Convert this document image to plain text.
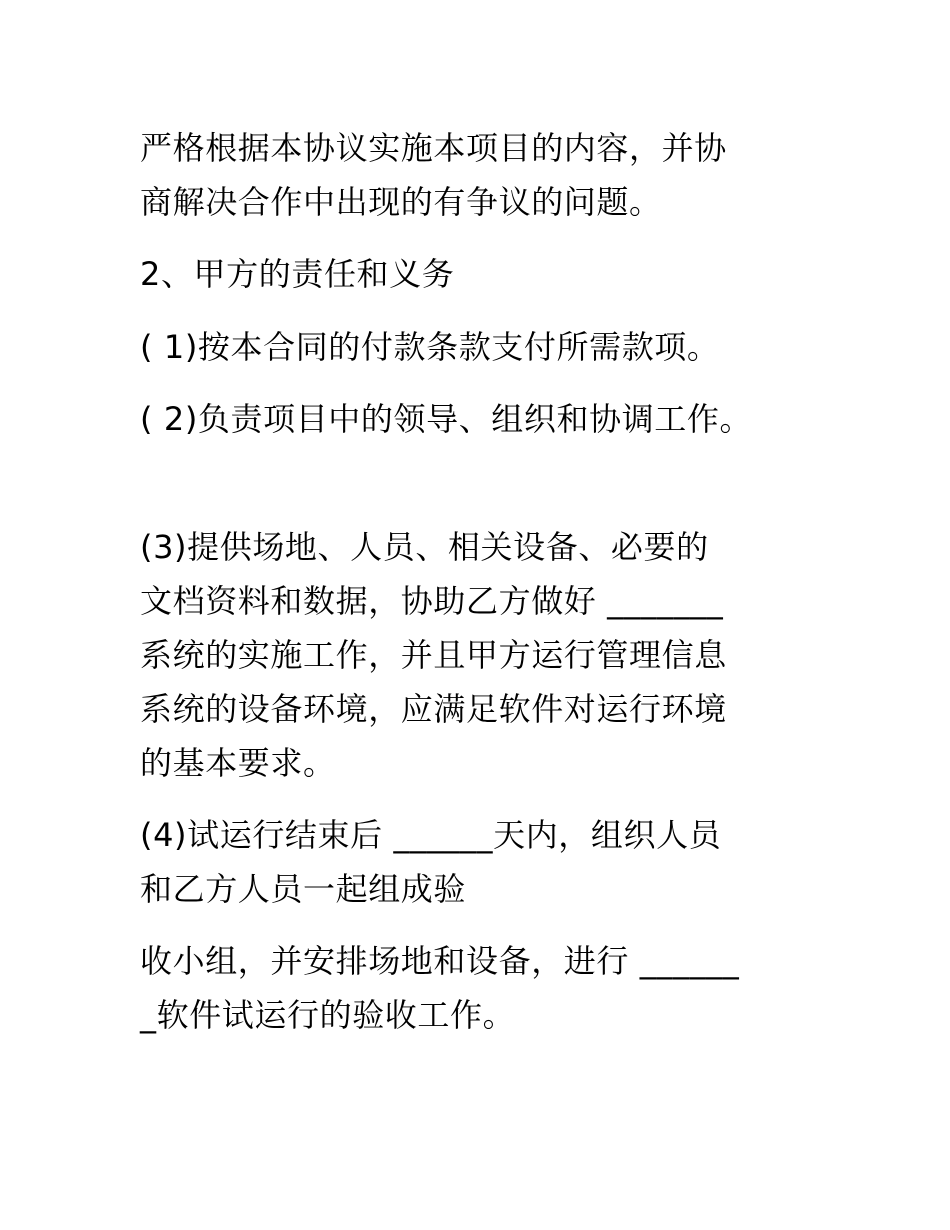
严格根据本协议实施本项目的内容，并协
商解决合作中出现的有争议的问题。
2、甲方的责任和义务
( 1)按本合同的付款条款支付所需款项。
( 2)负责项目中的领导、组织和协调工作。
(3)提供场地、人员、相关设备、必要的
文档资料和数据，协助乙方做好 _______
系统的实施工作，并且甲方运行管理信息
系统的设备环境，应满足软件对运行环境
的基本要求。
(4)试运行结束后 ______天内，组织人员
和乙方人员一起组成验
收小组，并安排场地和设备，进行 ______
_软件试运行的验收工作。
